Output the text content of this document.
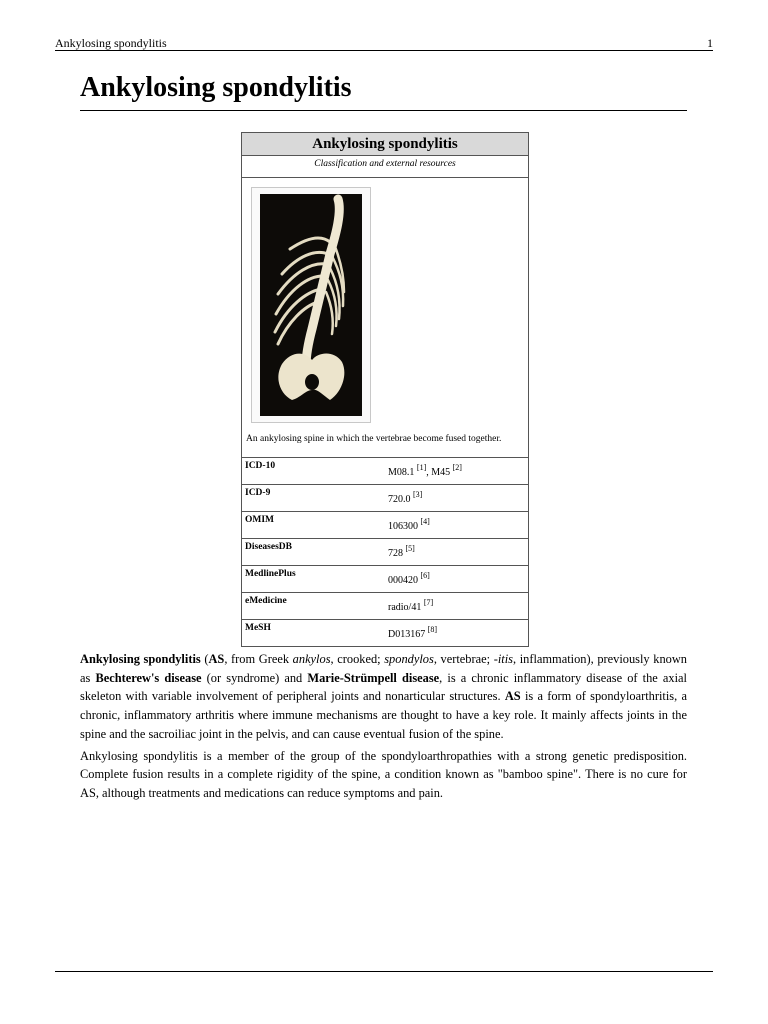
Ankylosing spondylitis	1
Ankylosing spondylitis
Ankylosing spondylitis
Classification and external resources
An ankylosing spine in which the vertebrae become fused together.
ICD-10
M08.1 [1], M45 [2]
ICD-9
720.0 [3]
OMIM
106300 [4]
DiseasesDB
728 [5]
MedlinePlus
000420 [6]
eMedicine
radio/41 [7]
MeSH
D013167 [8]

Ankylosing spondylitis (AS, from Greek ankylos, crooked; spondylos, vertebrae; -itis, inflammation), previously known as Bechterew's disease (or syndrome) and Marie-Strümpell disease, is a chronic inflammatory disease of the axial skeleton with variable involvement of peripheral joints and nonarticular structures. AS is a form of spondyloarthritis, a chronic, inflammatory arthritis where immune mechanisms are thought to have a key role. It mainly affects joints in the spine and the sacroiliac joint in the pelvis, and can cause eventual fusion of the spine.

Ankylosing spondylitis is a member of the group of the spondyloarthropathies with a strong genetic predisposition. Complete fusion results in a complete rigidity of the spine, a condition known as "bamboo spine". There is no cure for AS, although treatments and medications can reduce symptoms and pain.
